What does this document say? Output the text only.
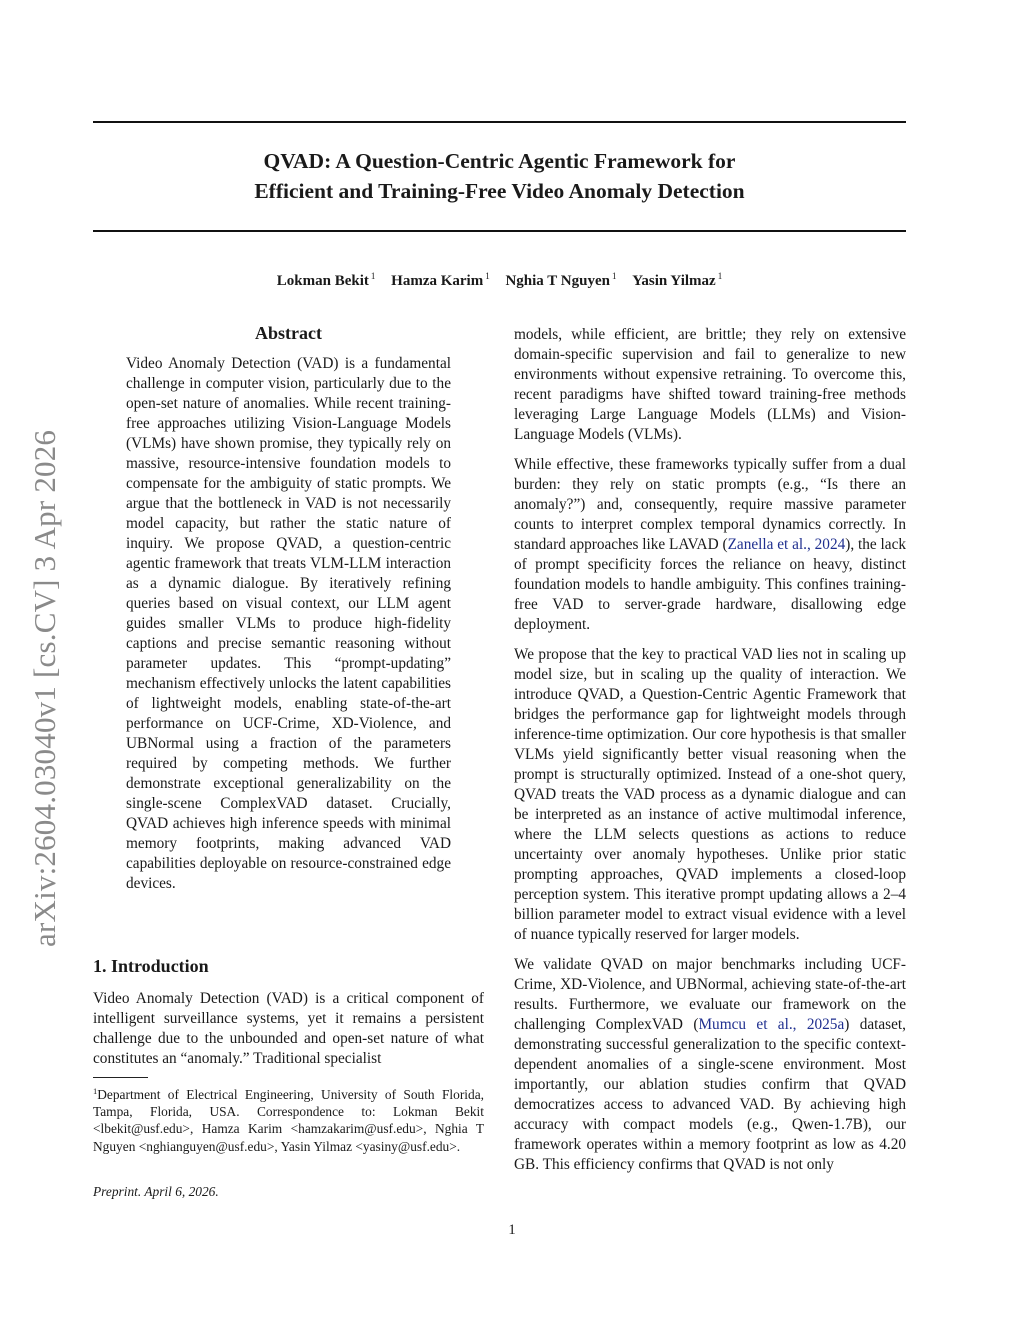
arXiv:2604.03040v1 [cs.CV] 3 Apr 2026
QVAD: A Question-Centric Agentic Framework for
Efficient and Training-Free Video Anomaly Detection
Lokman Bekit $^1$ Hamza Karim $^1$ Nghia T Nguyen $^1$ Yasin Yilmaz $^1$
Abstract

Video Anomaly Detection (VAD) is a fundamental challenge in computer vision, particularly due to the open-set nature of anomalies. While recent training-free approaches utilizing Vision-Language Models (VLMs) have shown promise, they typically rely on massive, resource-intensive foundation models to compensate for the ambiguity of static prompts. We argue that the bottleneck in VAD is not necessarily model capacity, but rather the static nature of inquiry. We propose QVAD, a question-centric agentic framework that treats VLM-LLM interaction as a dynamic dialogue. By iteratively refining queries based on visual context, our LLM agent guides smaller VLMs to produce high-fidelity captions and precise semantic reasoning without parameter updates. This “prompt-updating” mechanism effectively unlocks the latent capabilities of lightweight models, enabling state-of-the-art performance on UCF-Crime, XD-Violence, and UBNormal using a fraction of the parameters required by competing methods. We further demonstrate exceptional generalizability on the single-scene ComplexVAD dataset. Crucially, QVAD achieves high inference speeds with minimal memory footprints, making advanced VAD capabilities deployable on resource-constrained edge devices.

1. Introduction

Video Anomaly Detection (VAD) is a critical component of intelligent surveillance systems, yet it remains a persistent challenge due to the unbounded and open-set nature of what constitutes an “anomaly.” Traditional specialist

$^1$Department of Electrical Engineering, University of South Florida, Tampa, Florida, USA. Correspondence to: Lokman Bekit <lbekit@usf.edu>, Hamza Karim <hamzakarim@usf.edu>, Nghia T Nguyen <nghianguyen@usf.edu>, Yasin Yilmaz <yasiny@usf.edu>.
Preprint. April 6, 2026.

models, while efficient, are brittle; they rely on extensive domain-specific supervision and fail to generalize to new environments without expensive retraining. To overcome this, recent paradigms have shifted toward training-free methods leveraging Large Language Models (LLMs) and Vision-Language Models (VLMs).

While effective, these frameworks typically suffer from a dual burden: they rely on static prompts (e.g., “Is there an anomaly?”) and, consequently, require massive parameter counts to interpret complex temporal dynamics correctly. In standard approaches like LAVAD (Zanella et al., 2024), the lack of prompt specificity forces the reliance on heavy, distinct foundation models to handle ambiguity. This confines training-free VAD to server-grade hardware, disallowing edge deployment.

We propose that the key to practical VAD lies not in scaling up model size, but in scaling up the quality of interaction. We introduce QVAD, a Question-Centric Agentic Framework that bridges the performance gap for lightweight models through inference-time optimization. Our core hypothesis is that smaller VLMs yield significantly better visual reasoning when the prompt is structurally optimized. Instead of a one-shot query, QVAD treats the VAD process as a dynamic dialogue and can be interpreted as an instance of active multimodal inference, where the LLM selects questions as actions to reduce uncertainty over anomaly hypotheses. Unlike prior static prompting approaches, QVAD implements a closed-loop perception system. This iterative prompt updating allows a 2–4 billion parameter model to extract visual evidence with a level of nuance typically reserved for larger models.

We validate QVAD on major benchmarks including UCF-Crime, XD-Violence, and UBNormal, achieving state-of-the-art results. Furthermore, we evaluate our framework on the challenging ComplexVAD (Mumcu et al., 2025a) dataset, demonstrating successful generalization to the specific context-dependent anomalies of a single-scene environment. Most importantly, our ablation studies confirm that QVAD democratizes access to advanced VAD. By achieving high accuracy with compact models (e.g., Qwen-1.7B), our framework operates within a memory footprint as low as 4.20 GB. This efficiency confirms that QVAD is not only

1
